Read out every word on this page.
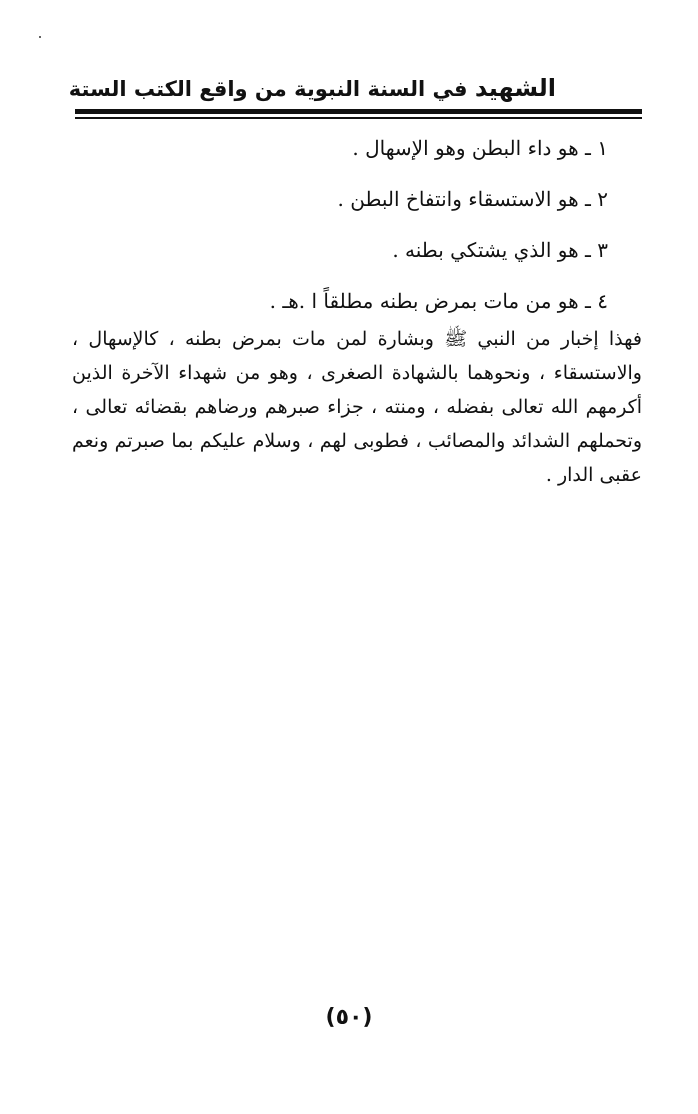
الشهيد في السنة النبوية من واقع الكتب الستة
١ ـ هو داء البطن وهو الإسهال .
٢ ـ هو الاستسقاء وانتفاخ البطن .
٣ ـ هو الذي يشتكي بطنه .
٤ ـ هو من مات بمرض بطنه مطلقاً ا .هـ .

فهذا إخبار من النبي ﷺ وبشارة لمن مات بمرض بطنه ، كالإسهال ، والاستسقاء ، ونحوهما بالشهادة الصغرى ، وهو من شهداء الآخرة الذين أكرمهم الله تعالى بفضله ، ومنته ، جزاء صبرهم ورضاهم بقضائه تعالى ، وتحملهم الشدائد والمصائب ، فطوبى لهم ، وسلام عليكم بما صبرتم ونعم عقبى الدار .

(٥٠)
